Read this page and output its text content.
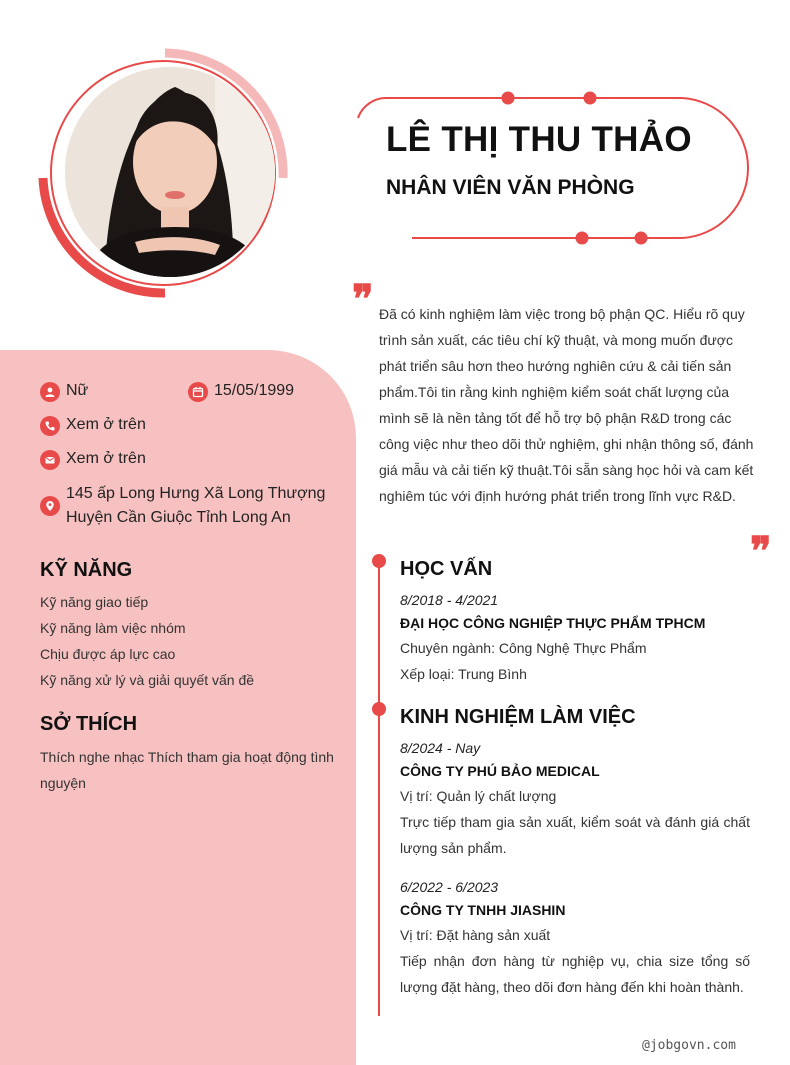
LÊ THỊ THU THẢO
NHÂN VIÊN VĂN PHÒNG
❞ Đã có kinh nghiệm làm việc trong bộ phận QC. Hiểu rõ quy trình sản xuất, các tiêu chí kỹ thuật, và mong muốn được phát triển sâu hơn theo hướng nghiên cứu & cải tiến sản phẩm.Tôi tin rằng kinh nghiệm kiểm soát chất lượng của mình sẽ là nền tảng tốt để hỗ trợ bộ phận R&D trong các công việc như theo dõi thử nghiệm, ghi nhận thông số, đánh giá mẫu và cải tiến kỹ thuật.Tôi sẵn sàng học hỏi và cam kết nghiêm túc với định hướng phát triển trong lĩnh vực R&D.
❞
Nữ	15/05/1999
Xem ở trên
Xem ở trên
145 ấp Long Hưng Xã Long Thượng
Huyện Cần Giuộc Tỉnh Long An
KỸ NĂNG
Kỹ năng giao tiếp
Kỹ năng làm việc nhóm
Chịu được áp lực cao
Kỹ năng xử lý và giải quyết vấn đề
SỞ THÍCH
Thích nghe nhạc Thích tham gia hoạt động tình nguyện
HỌC VẤN
8/2018 - 4/2021
ĐẠI HỌC CÔNG NGHIỆP THỰC PHẨM TPHCM
Chuyên ngành: Công Nghệ Thực Phẩm
Xếp loại: Trung Bình
KINH NGHIỆM LÀM VIỆC
8/2024 - Nay
CÔNG TY PHÚ BẢO MEDICAL
Vị trí: Quản lý chất lượng
Trực tiếp tham gia sản xuất, kiểm soát và đánh giá chất lượng sản phẩm.
6/2022 - 6/2023
CÔNG TY TNHH JIASHIN
Vị trí: Đặt hàng sản xuất
Tiếp nhận đơn hàng từ nghiệp vụ, chia size tổng số lượng đặt hàng, theo dõi đơn hàng đến khi hoàn thành.
@jobgovn.com
